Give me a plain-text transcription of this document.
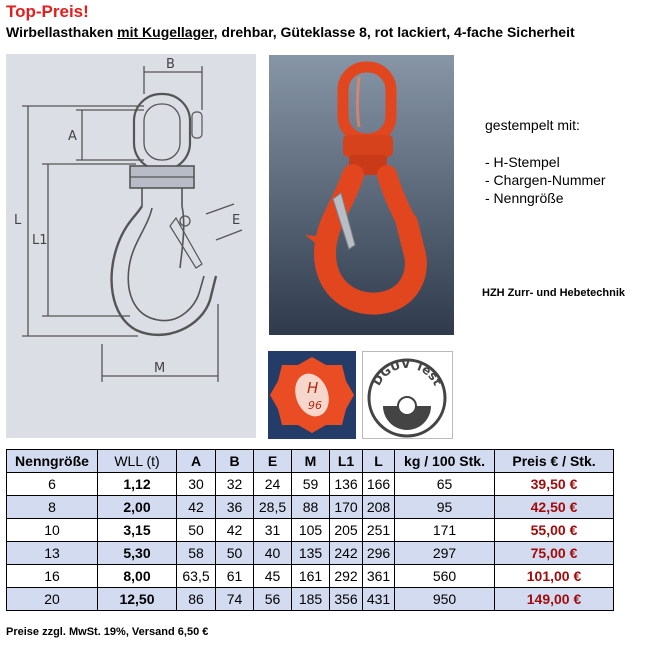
Top-Preis!
Wirbellasthaken mit Kugellager, drehbar, Güteklasse 8, rot lackiert, 4-fache Sicherheit
B
A
L
L1
E
M
H
96
DGUV Test
gestempelt mit:
- H-Stempel
- Chargen-Nummer
- Nenngröße
HZH Zurr- und Hebetechnik
Nenngröße	WLL (t)	A	B	E	M	L1	L	kg / 100 Stk.	Preis € / Stk.
6	1,12	30	32	24	59	136	166	65	39,50 €
8	2,00	42	36	28,5	88	170	208	95	42,50 €
10	3,15	50	42	31	105	205	251	171	55,00 €
13	5,30	58	50	40	135	242	296	297	75,00 €
16	8,00	63,5	61	45	161	292	361	560	101,00 €
20	12,50	86	74	56	185	356	431	950	149,00 €
Preise zzgl. MwSt. 19%, Versand 6,50 €
